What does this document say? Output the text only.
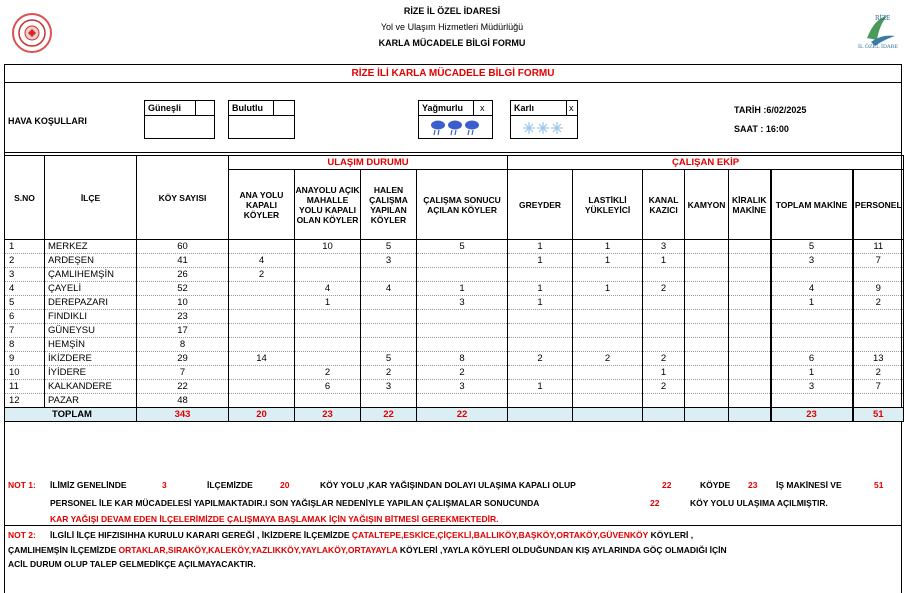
RİZE İL ÖZEL İDARESİ
Yol ve Ulaşım Hizmetleri Müdürlüğü
KARLA MÜCADELE BİLGİ FORMU
RİZE
İL ÖZEL İDARE
RİZE İLİ KARLA MÜCADELE BİLGİ FORMU
HAVA KOŞULLARI
Güneşli	Bulutlu	Yağmurlu x	Karlı	x	TARİH :6/02/2025
SAAT : 16:00
S.NO	İLÇE	KÖY SAYISI	ULAŞIM DURUMU				ÇALIŞAN EKİP						
			ANA YOLU KAPALI KÖYLER	ANAYOLU AÇIK MAHALLE YOLU KAPALI OLAN KÖYLER	HALEN ÇALIŞMA YAPILAN KÖYLER	ÇALIŞMA SONUCU AÇILAN KÖYLER	GREYDER	LASTİKLİ YÜKLEYİCİ	KANAL KAZICI	KAMYON	KİRALIK MAKİNE	TOPLAM MAKİNE	PERSONEL
1	MERKEZ	60		10	5	5	1	1	3			5	11
2	ARDEŞEN	41	4		3		1	1	1			3	7
3	ÇAMLIHEMŞİN	26	2										
4	ÇAYELİ	52		4	4	1	1	1	2			4	9
5	DEREPAZARI	10		1		3	1					1	2
6	FINDIKLI	23											
7	GÜNEYSU	17											
8	HEMŞİN	8											
9	İKİZDERE	29	14		5	8	2	2	2			6	13
10	İYİDERE	7		2	2	2			1			1	2
11	KALKANDERE	22		6	3	3	1		2			3	7
12	PAZAR	48											
TOPLAM		343	20	23	22	22						23	51
NOT 1: İLİMİZ GENELİNDE	3	İLÇEMİZDE	20	KÖY YOLU ,KAR YAĞIŞINDAN DOLAYI ULAŞIMA KAPALI OLUP	22	KÖYDE 23 İŞ MAKİNESİ VE	51
PERSONEL İLE KAR MÜCADELESİ YAPILMAKTADIR.I SON YAĞIŞLAR NEDENİYLE YAPILAN ÇALIŞMALAR SONUCUNDA	22	KÖY YOLU ULAŞIMA AÇILMIŞTIR.
KAR YAĞIŞI DEVAM EDEN İLÇELERİMİZDE ÇALIŞMAYA BAŞLAMAK İÇİN YAĞIŞIN BİTMESİ GEREKMEKTEDİR.
NOT 2: İLGİLİ İLÇE HIFZISIHHA KURULU KARARI GEREĞİ , İKİZDERE İLÇEMİZDE ÇATALTEPE,ESKİCE,ÇİÇEKLİ,BALLIKÖY,BAŞKÖY,ORTAKÖY,GÜVENKÖY KÖYLERİ ,
ÇAMLIHEMŞİN İLÇEMİZDE ORTAKLAR,SIRAKÖY,KALEKÖY,YAZLIKKÖY,YAYLAKÖY,ORTAYAYLA KÖYLERİ ,YAYLA KÖYLERİ OLDUĞUNDAN KIŞ AYLARINDA GÖÇ OLMADIĞI İÇİN
ACİL DURUM OLUP TALEP GELMEDİKÇE AÇILMAYACAKTIR.
